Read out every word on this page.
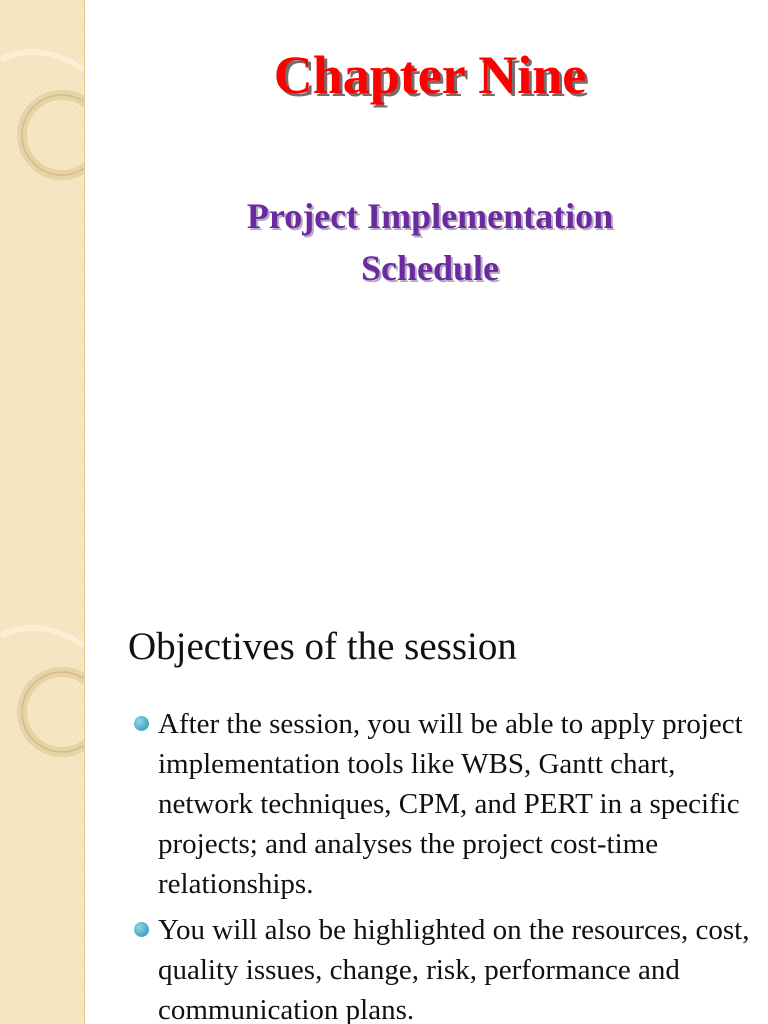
Chapter Nine
Project Implementation
Schedule
Objectives of the session
After the session, you will be able to apply project implementation tools like WBS, Gantt chart, network techniques, CPM, and PERT in a specific projects; and analyses the project cost-time relationships.
You will also be highlighted on the resources, cost, quality issues, change, risk, performance and communication plans.
